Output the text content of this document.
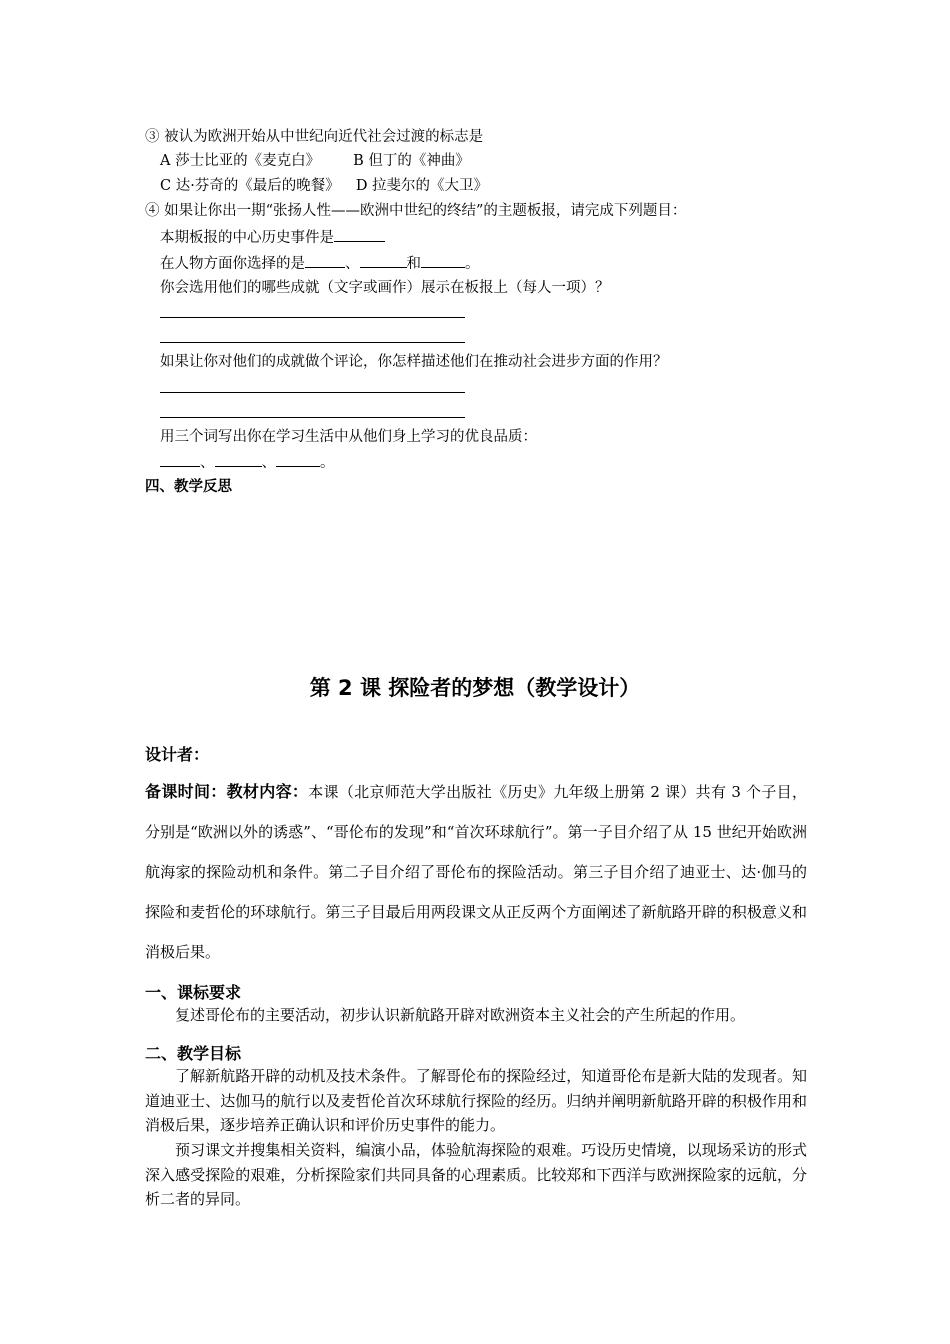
③ 被认为欧洲开始从中世纪向近代社会过渡的标志是
A 莎士比亚的《麦克白》 B 但丁的《神曲》
C 达·芬奇的《最后的晚餐》 D 拉斐尔的《大卫》
④ 如果让你出一期“张扬人性——欧洲中世纪的终结”的主题板报，请完成下列题目：
本期板报的中心历史事件是
在人物方面你选择的是	、	和	。
你会选用他们的哪些成就（文字或画作）展示在板报上（每人一项）？
如果让你对他们的成就做个评论，你怎样描述他们在推动社会进步方面的作用？
用三个词写出你在学习生活中从他们身上学习的优良品质：
、	、	。
四、教学反思
第 2 课 探险者的梦想（教学设计）
设计者：
备课时间：教材内容：本课（北京师范大学出版社《历史》九年级上册第 2 课）共有 3 个子目，分别是“欧洲以外的诱惑”、“哥伦布的发现”和“首次环球航行”。第一子目介绍了从 15 世纪开始欧洲航海家的探险动机和条件。第二子目介绍了哥伦布的探险活动。第三子目介绍了迪亚士、达·伽马的探险和麦哲伦的环球航行。第三子目最后用两段课文从正反两个方面阐述了新航路开辟的积极意义和消极后果。
一、课标要求
复述哥伦布的主要活动，初步认识新航路开辟对欧洲资本主义社会的产生所起的作用。
二、教学目标
了解新航路开辟的动机及技术条件。了解哥伦布的探险经过，知道哥伦布是新大陆的发现者。知道迪亚士、达伽马的航行以及麦哲伦首次环球航行探险的经历。归纳并阐明新航路开辟的积极作用和消极后果，逐步培养正确认识和评价历史事件的能力。
预习课文并搜集相关资料，编演小品，体验航海探险的艰难。巧设历史情境，以现场采访的形式深入感受探险的艰难，分析探险家们共同具备的心理素质。比较郑和下西洋与欧洲探险家的远航，分析二者的异同。
